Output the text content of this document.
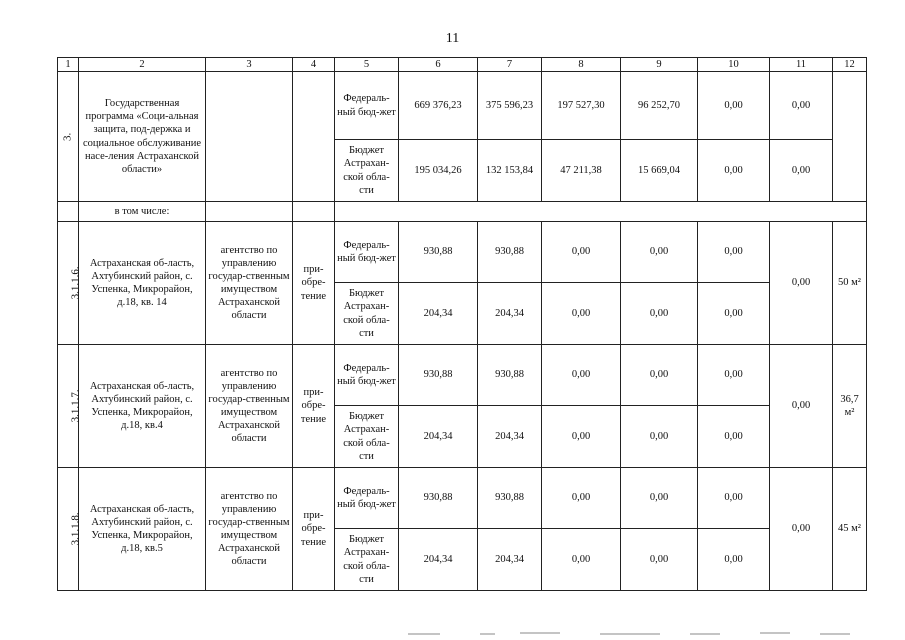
11
1	2	3	4	5	6	7	8	9	10	11	12
3.	Государственная программа «Соци-альная защита, под-держка и социальное обслуживание насе-ления Астраханской области»			Федераль-ный бюд-жет	669 376,23	375 596,23	197 527,30	96 252,70	0,00	0,00	
				Бюджет Астрахан-ской обла-сти	195 034,26	132 153,84	47 211,38	15 669,04	0,00	0,00	
	в том числе:										
3.1.1.6.	Астраханская об-ласть, Ахтубинский район, с. Успенка, Микрорайон, д.18, кв. 14	агентство по управлению государ-ственным имуществом Астраханской области	при-обре-тение	Федераль-ный бюд-жет	930,88	930,88	0,00	0,00	0,00	0,00	50 м²
				Бюджет Астрахан-ской обла-сти	204,34	204,34	0,00	0,00	0,00		
3.1.1.7.	Астраханская об-ласть, Ахтубинский район, с. Успенка, Микрорайон, д.18, кв.4	агентство по управлению государ-ственным имуществом Астраханской области	при-обре-тение	Федераль-ный бюд-жет	930,88	930,88	0,00	0,00	0,00	0,00	36,7 м²
				Бюджет Астрахан-ской обла-сти	204,34	204,34	0,00	0,00	0,00		
3.1.1.8.	Астраханская об-ласть, Ахтубинский район, с. Успенка, Микрорайон, д.18, кв.5	агентство по управлению государ-ственным имуществом Астраханской области	при-обре-тение	Федераль-ный бюд-жет	930,88	930,88	0,00	0,00	0,00	0,00	45 м²
				Бюджет Астрахан-ской обла-сти	204,34	204,34	0,00	0,00	0,00		
